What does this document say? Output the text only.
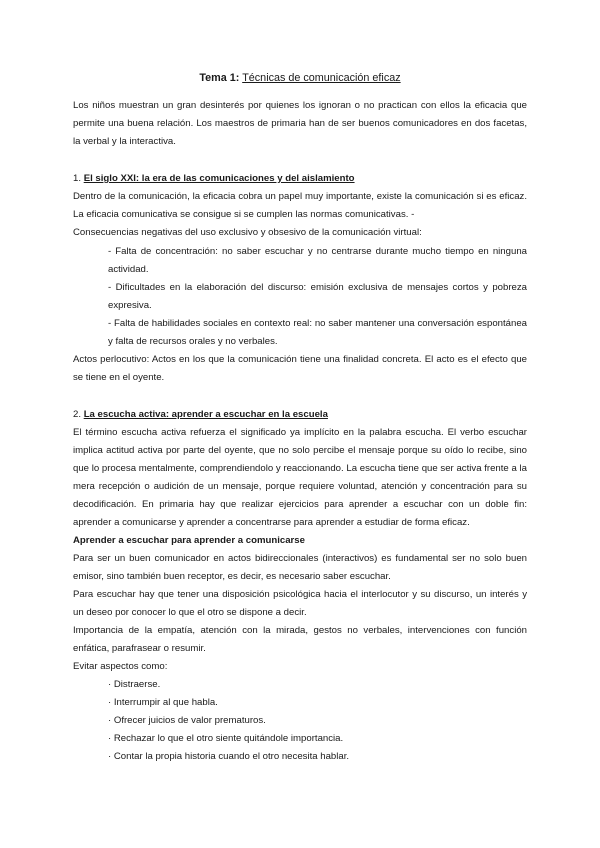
Tema 1: Técnicas de comunicación eficaz
Los niños muestran un gran desinterés por quienes los ignoran o no practican con ellos la eficacia que permite una buena relación. Los maestros de primaria han de ser buenos comunicadores en dos facetas, la verbal y la interactiva.
1. El siglo XXI: la era de las comunicaciones y del aislamiento
Dentro de la comunicación, la eficacia cobra un papel muy importante, existe la comunicación si es eficaz. La eficacia comunicativa se consigue si se cumplen las normas comunicativas. -
Consecuencias negativas del uso exclusivo y obsesivo de la comunicación virtual:
- Falta de concentración: no saber escuchar y no centrarse durante mucho tiempo en ninguna actividad.
- Dificultades en la elaboración del discurso: emisión exclusiva de mensajes cortos y pobreza expresiva.
- Falta de habilidades sociales en contexto real: no saber mantener una conversación espontánea y falta de recursos orales y no verbales.
Actos perlocutivo: Actos en los que la comunicación tiene una finalidad concreta. El acto es el efecto que se tiene en el oyente.
2. La escucha activa: aprender a escuchar en la escuela
El término escucha activa refuerza el significado ya implícito en la palabra escucha. El verbo escuchar implica actitud activa por parte del oyente, que no solo percibe el mensaje porque su oído lo recibe, sino que lo procesa mentalmente, comprendiendolo y reaccionando. La escucha tiene que ser activa frente a la mera recepción o audición de un mensaje, porque requiere voluntad, atención y concentración para su decodificación. En primaria hay que realizar ejercicios para aprender a escuchar con un doble fin: aprender a comunicarse y aprender a concentrarse para aprender a estudiar de forma eficaz.
Aprender a escuchar para aprender a comunicarse
Para ser un buen comunicador en actos bidireccionales (interactivos) es fundamental ser no solo buen emisor, sino también buen receptor, es decir, es necesario saber escuchar.
Para escuchar hay que tener una disposición psicológica hacia el interlocutor y su discurso, un interés y un deseo por conocer lo que el otro se dispone a decir.
Importancia de la empatía, atención con la mirada, gestos no verbales, intervenciones con función enfática, parafrasear o resumir.
Evitar aspectos como:
· Distraerse.
· Interrumpir al que habla.
· Ofrecer juicios de valor prematuros.
· Rechazar lo que el otro siente quitándole importancia.
· Contar la propia historia cuando el otro necesita hablar.
